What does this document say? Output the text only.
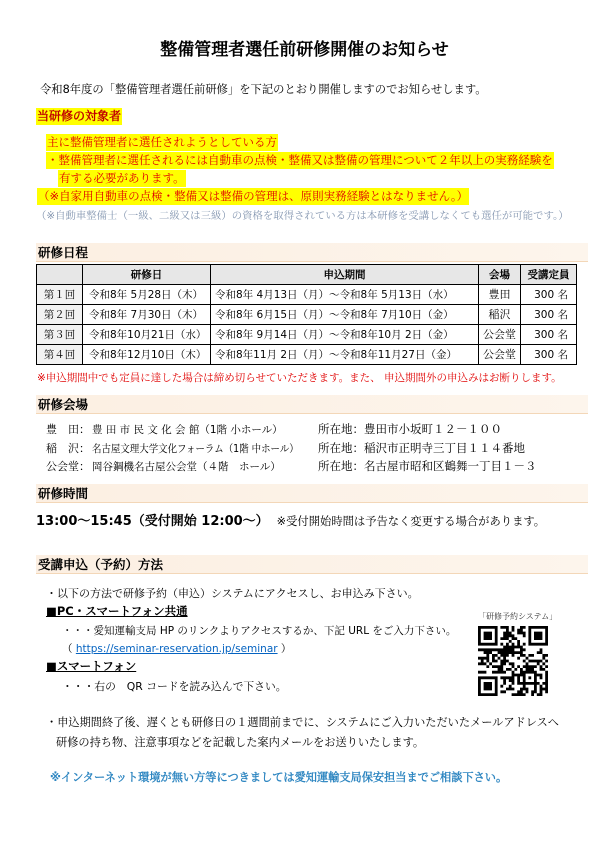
整備管理者選任前研修開催のお知らせ
令和8年度の「整備管理者選任前研修」を下記のとおり開催しますのでお知らせします。
当研修の対象者
主に整備管理者に選任されようとしている方
・整備管理者に選任されるには自動車の点検・整備又は整備の管理について２年以上の実務経験を
有する必要があります。
（※自家用自動車の点検・整備又は整備の管理は、原則実務経験とはなりません。）
（※自動車整備士（一級、二級又は三級）の資格を取得されている方は本研修を受講しなくても選任が可能です。）
研修日程
	研修日	申込期間	会場	受講定員
第１回	令和8年 5月28日（木）	令和8年 4月13日（月）～令和8年 5月13日（水）	豊田	300 名
第２回	令和8年 7月30日（木）	令和8年 6月15日（月）～令和8年 7月10日（金）	稲沢	300 名
第３回	令和8年10月21日（水）	令和8年 9月14日（月）～令和8年10月 2日（金）	公会堂	300 名
第４回	令和8年12月10日（木）	令和8年11月 2日（月）～令和8年11月27日（金）	公会堂	300 名
※申込期間中でも定員に達した場合は締め切らせていただきます。また、 申込期間外の申込みはお断りします。
研修会場
豊　田： 豊 田 市 民 文 化 会 館（1階 小ホール）	所在地：豊田市小坂町１２－１００
稲　沢： 名古屋文理大学文化フォーラム（1階 中ホール） 所在地：稲沢市正明寺三丁目１１４番地
公会堂： 岡谷鋼機名古屋公会堂（４階　ホール）	所在地：名古屋市昭和区鶴舞一丁目１－３
研修時間
13:00～15:45（受付開始 12:00～） ※受付開始時間は予告なく変更する場合があります。
受講申込（予約）方法
・以下の方法で研修予約（申込）システムにアクセスし、お申込み下さい。
■PC・スマートフォン共通
・・・愛知運輸支局 HP のリンクよりアクセスするか、下記 URL をご入力下さい。
（ https://seminar-reservation.jp/seminar ）
■スマートフォン
・・・右の　QR コードを読み込んで下さい。
「研修予約システム」
・申込期間終了後、遅くとも研修日の１週間前までに、システムにご入力いただいたメールアドレスへ
研修の持ち物、注意事項などを記載した案内メールをお送りいたします。
※インターネット環境が無い方等につきましては愛知運輸支局保安担当までご相談下さい。
